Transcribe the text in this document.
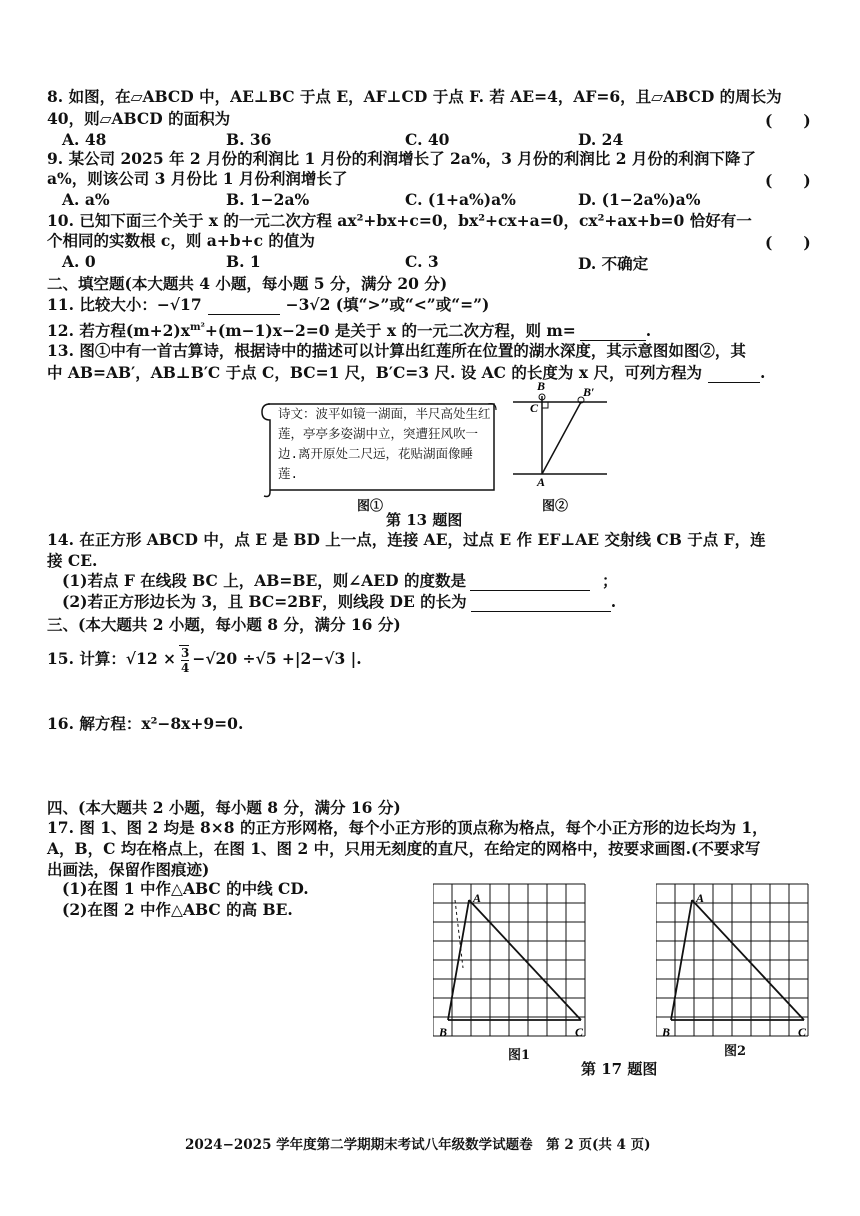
8. 如图，在▱ABCD 中，AE⊥BC 于点 E，AF⊥CD 于点 F. 若 AE=4，AF=6，且▱ABCD 的周长为
40，则▱ABCD 的面积为	(　　)
A. 48	B. 36	C. 40	D. 24
9. 某公司 2025 年 2 月份的利润比 1 月份的利润增长了 2a%，3 月份的利润比 2 月份的利润下降了
a%，则该公司 3 月份比 1 月份利润增长了	(　　)
A. a%	B. 1−2a%	C. (1+a%)a%	D. (1−2a%)a%
10. 已知下面三个关于 x 的一元二次方程 ax²+bx+c=0，bx²+cx+a=0，cx²+ax+b=0 恰好有一
个相同的实数根 c，则 a+b+c 的值为	(　　)
A. 0	B. 1	C. 3	D. 不确定
二、填空题(本大题共 4 小题，每小题 5 分，满分 20 分)
11. 比较大小：−√17	−3√2 (填“>”或“<”或“=”)
12. 若方程$(m+2)x^{m^2}+(m-1)x-2=0$ 是关于 x 的一元二次方程，则 m=	.
13. 图①中有一首古算诗，根据诗中的描述可以计算出红莲所在位置的湖水深度，其示意图如图②，其
中 AB=AB′，AB⊥B′C 于点 C，BC=1 尺，B′C=3 尺. 设 AC 的长度为 x 尺，可列方程为	.
诗文：波平如镜一湖面，半尺高处生红莲，亭亭多姿湖中立，突遭狂风吹一边.离开原处二尺远，花贴湖面像睡莲.
图①
B	B′
C
A
图②
第 13 题图
14. 在正方形 ABCD 中，点 E 是 BD 上一点，连接 AE，过点 E 作 EF⊥AE 交射线 CB 于点 F，连
接 CE.
(1)若点 F 在线段 BC 上，AB=BE，则∠AED 的度数是	；
(2)若正方形边长为 3，且 BC=2BF，则线段 DE 的长为	.
三、(本大题共 2 小题，每小题 8 分，满分 16 分)
15. 计算：$√12 \times \frac{3}{4} -√20 \div√5 +|2-√3$ |.
16. 解方程：x²−8x+9=0.
四、(本大题共 2 小题，每小题 8 分，满分 16 分)
17. 图 1、图 2 均是 8×8 的正方形网格，每个小正方形的顶点称为格点，每个小正方形的边长均为 1，
A，B，C 均在格点上，在图 1、图 2 中，只用无刻度的直尺，在给定的网格中，按要求画图.(不要求写
出画法，保留作图痕迹)
(1)在图 1 中作△ABC 的中线 CD.
(2)在图 2 中作△ABC 的高 BE.
A
B	C
图1
A
B	C
图2
第 17 题图
2024−2025 学年度第二学期期末考试八年级数学试题卷　第 2 页(共 4 页)
